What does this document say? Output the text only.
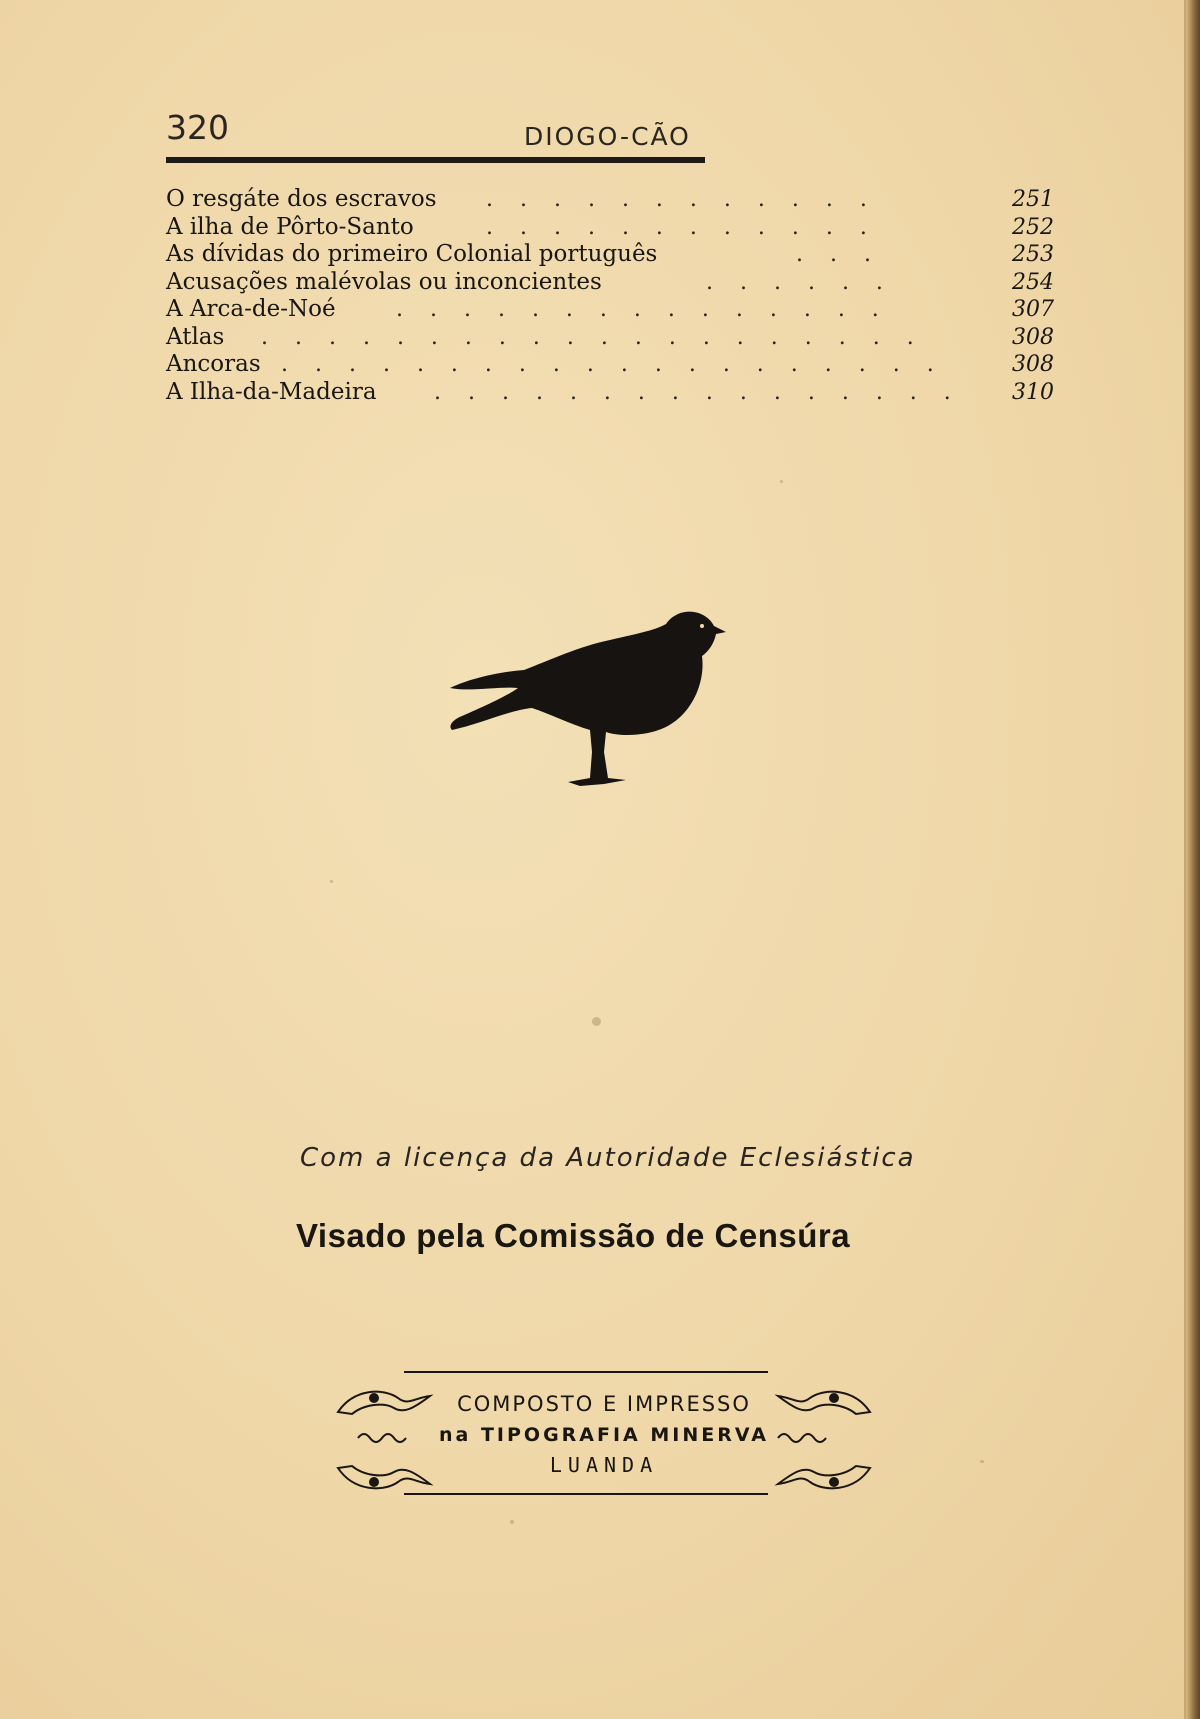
320	DIOGO-CÃO
. . . . . . . . . . . .
O resgáte dos escravos	251
. . . . . . . . . . . .
A ilha de Pôrto-Santo	252
. . .
As dívidas do primeiro Colonial português	253
. . . . . .
Acusações malévolas ou inconcientes	254
. . . . . . . . . . . . . . .
A Arca-de-Noé	307
. . . . . . . . . . . . . . . . . . . .
Atlas	308
. . . . . . . . . . . . . . . . . . . .
Ancoras	308
. . . . . . . . . . . . . . . .
A Ilha-da-Madeira	310
Com a licença da Autoridade Eclesiástica
Visado pela Comissão de Censúra
COMPOSTO E IMPRESSO
na TIPOGRAFIA MINERVA
LUANDA
